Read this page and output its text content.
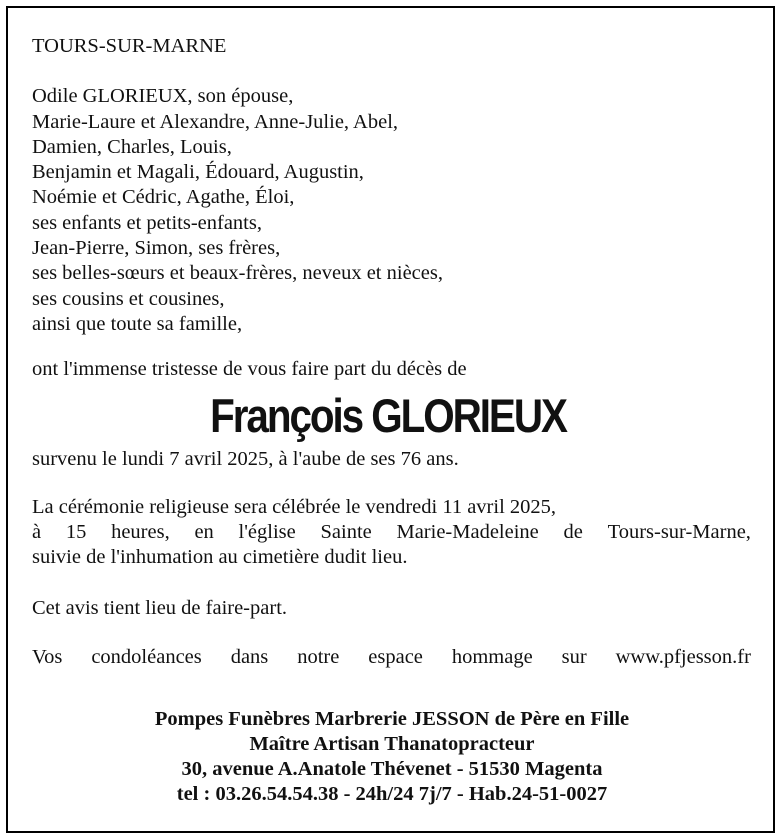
TOURS-SUR-MARNE
Odile GLORIEUX, son épouse,
Marie-Laure et Alexandre, Anne-Julie, Abel,
Damien, Charles, Louis,
Benjamin et Magali, Édouard, Augustin,
Noémie et Cédric, Agathe, Éloi,
ses enfants et petits-enfants,
Jean-Pierre, Simon, ses frères,
ses belles-sœurs et beaux-frères, neveux et nièces,
ses cousins et cousines,
ainsi que toute sa famille,
ont l'immense tristesse de vous faire part du décès de
François GLORIEUX
survenu le lundi 7 avril 2025, à l'aube de ses 76 ans.
La cérémonie religieuse sera célébrée le vendredi 11 avril 2025,
à 15 heures, en l'église Sainte Marie-Madeleine de Tours-sur-Marne,
suivie de l'inhumation au cimetière dudit lieu.
Cet avis tient lieu de faire-part.
Vos condoléances dans notre espace hommage sur www.pfjesson.fr
Pompes Funèbres Marbrerie JESSON de Père en Fille
Maître Artisan Thanatopracteur
30, avenue A.Anatole Thévenet - 51530 Magenta
tel : 03.26.54.54.38 - 24h/24 7j/7 - Hab.24-51-0027
